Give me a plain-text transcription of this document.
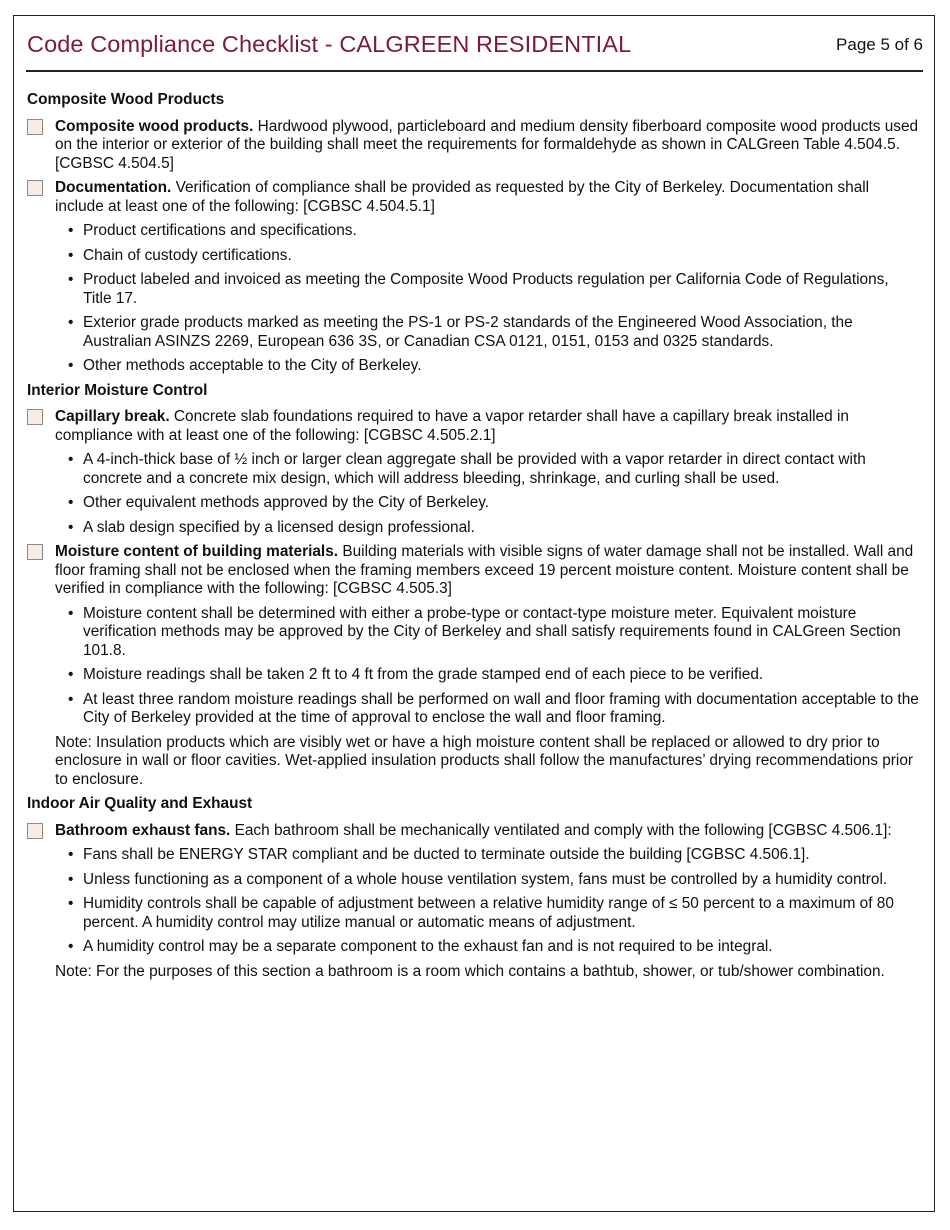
Code Compliance Checklist - CALGREEN RESIDENTIAL	Page 5 of 6
Composite Wood Products
Composite wood products. Hardwood plywood, particleboard and medium density fiberboard composite wood products used on the interior or exterior of the building shall meet the requirements for formaldehyde as shown in CALGreen Table 4.504.5. [CGBSC 4.504.5]
Documentation. Verification of compliance shall be provided as requested by the City of Berkeley. Documentation shall include at least one of the following: [CGBSC 4.504.5.1]
• Product certifications and specifications.
• Chain of custody certifications.
• Product labeled and invoiced as meeting the Composite Wood Products regulation per California Code of Regulations, Title 17.
• Exterior grade products marked as meeting the PS-1 or PS-2 standards of the Engineered Wood Association, the Australian ASINZS 2269, European 636 3S, or Canadian CSA 0121, 0151, 0153 and 0325 standards.
• Other methods acceptable to the City of Berkeley.
Interior Moisture Control
Capillary break. Concrete slab foundations required to have a vapor retarder shall have a capillary break installed in compliance with at least one of the following: [CGBSC 4.505.2.1]
• A 4-inch-thick base of ½ inch or larger clean aggregate shall be provided with a vapor retarder in direct contact with concrete and a concrete mix design, which will address bleeding, shrinkage, and curling shall be used.
• Other equivalent methods approved by the City of Berkeley.
• A slab design specified by a licensed design professional.
Moisture content of building materials. Building materials with visible signs of water damage shall not be installed. Wall and floor framing shall not be enclosed when the framing members exceed 19 percent moisture content. Moisture content shall be verified in compliance with the following: [CGBSC 4.505.3]
• Moisture content shall be determined with either a probe-type or contact-type moisture meter. Equivalent moisture verification methods may be approved by the City of Berkeley and shall satisfy requirements found in CALGreen Section 101.8.
• Moisture readings shall be taken 2 ft to 4 ft from the grade stamped end of each piece to be verified.
• At least three random moisture readings shall be performed on wall and floor framing with documentation acceptable to the City of Berkeley provided at the time of approval to enclose the wall and floor framing.
Note: Insulation products which are visibly wet or have a high moisture content shall be replaced or allowed to dry prior to enclosure in wall or floor cavities. Wet-applied insulation products shall follow the manufactures’ drying recommendations prior to enclosure.
Indoor Air Quality and Exhaust
Bathroom exhaust fans. Each bathroom shall be mechanically ventilated and comply with the following [CGBSC 4.506.1]:
• Fans shall be ENERGY STAR compliant and be ducted to terminate outside the building [CGBSC 4.506.1].
• Unless functioning as a component of a whole house ventilation system, fans must be controlled by a humidity control.
• Humidity controls shall be capable of adjustment between a relative humidity range of ≤ 50 percent to a maximum of 80 percent. A humidity control may utilize manual or automatic means of adjustment.
• A humidity control may be a separate component to the exhaust fan and is not required to be integral.
Note: For the purposes of this section a bathroom is a room which contains a bathtub, shower, or tub/shower combination.
